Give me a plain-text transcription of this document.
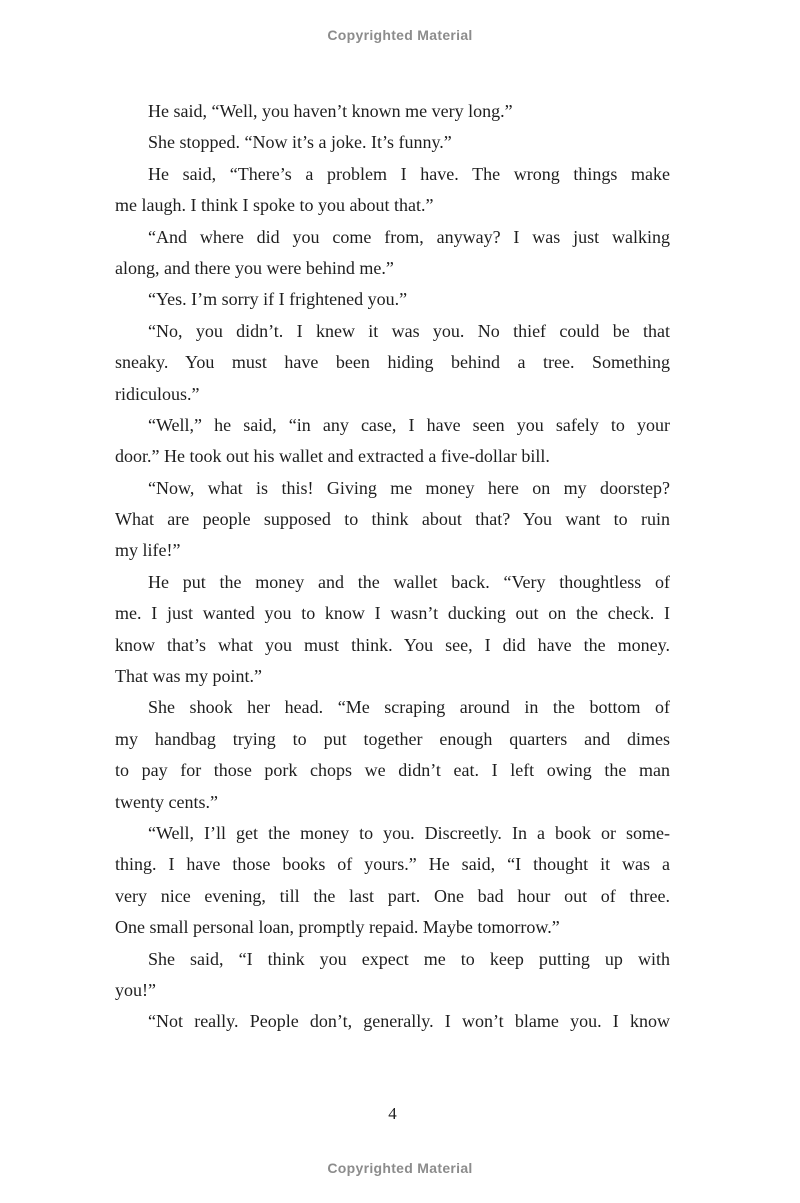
Copyrighted Material
He said, “Well, you haven’t known me very long.”
She stopped. “Now it’s a joke. It’s funny.”
He said, “There’s a problem I have. The wrong things make
me laugh. I think I spoke to you about that.”
“And where did you come from, anyway? I was just walking
along, and there you were behind me.”
“Yes. I’m sorry if I frightened you.”
“No, you didn’t. I knew it was you. No thief could be that
sneaky. You must have been hiding behind a tree. Something
ridiculous.”
“Well,” he said, “in any case, I have seen you safely to your
door.” He took out his wallet and extracted a five-dollar bill.
“Now, what is this! Giving me money here on my doorstep?
What are people supposed to think about that? You want to ruin
my life!”
He put the money and the wallet back. “Very thoughtless of
me. I just wanted you to know I wasn’t ducking out on the check. I
know that’s what you must think. You see, I did have the money.
That was my point.”
She shook her head. “Me scraping around in the bottom of
my handbag trying to put together enough quarters and dimes
to pay for those pork chops we didn’t eat. I left owing the man
twenty cents.”
“Well, I’ll get the money to you. Discreetly. In a book or some-
thing. I have those books of yours.” He said, “I thought it was a
very nice evening, till the last part. One bad hour out of three.
One small personal loan, promptly repaid. Maybe tomorrow.”
She said, “I think you expect me to keep putting up with
you!”
“Not really. People don’t, generally. I won’t blame you. I know
4
Copyrighted Material
